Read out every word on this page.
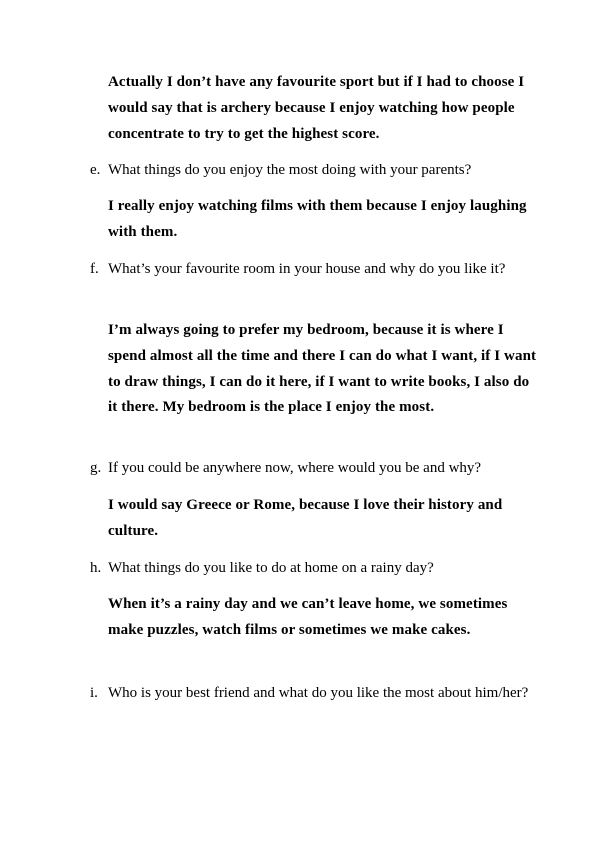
Actually I don’t have any favourite sport but if I had to choose I would say that is archery because I enjoy watching how people concentrate to try to get the highest score.

e. What things do you enjoy the most doing with your parents?

I really enjoy watching films with them because I enjoy laughing with them.

f. What’s your favourite room in your house and why do you like it?

I’m always going to prefer my bedroom, because it is where I spend almost all the time and there I can do what I want, if I want to draw things, I can do it here, if I want to write books, I also do it there. My bedroom is the place I enjoy the most.

g. If you could be anywhere now, where would you be and why?

I would say Greece or Rome, because I love their history and culture.

h. What things do you like to do at home on a rainy day?

When it’s a rainy day and we can’t leave home, we sometimes make puzzles, watch films or sometimes we make cakes.

i. Who is your best friend and what do you like the most about him/her?
